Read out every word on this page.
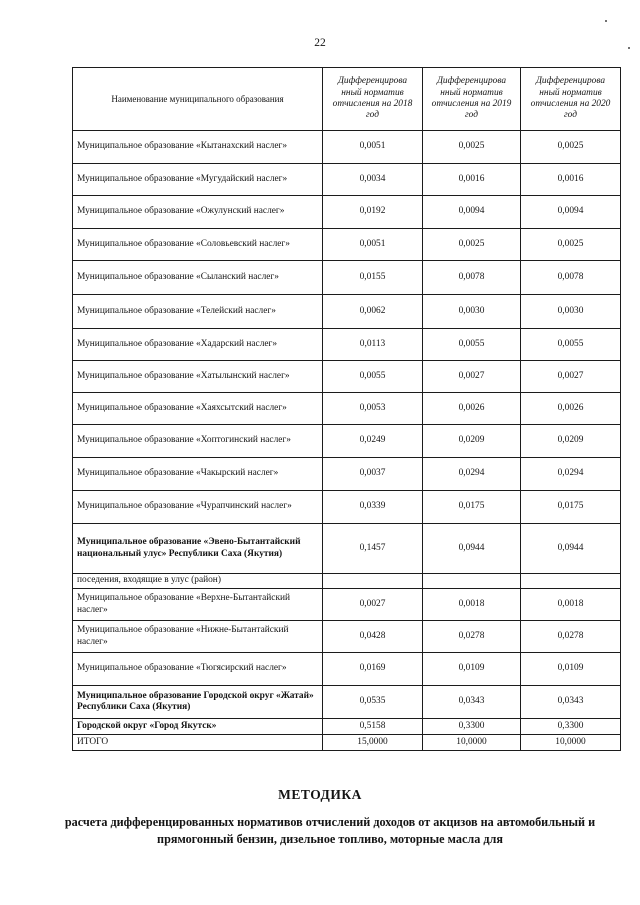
22
Наименование муниципального образования	Дифференцирова нный норматив отчисления на 2018 год	Дифференцирова нный норматив отчисления на 2019 год	Дифференцирова нный норматив отчисления на 2020 год
Муниципальное образование «Кытанахский наслег»	0,0051	0,0025	0,0025
Муниципальное образование «Мугудайский наслег»	0,0034	0,0016	0,0016
Муниципальное образование «Ожулунский наслег»	0,0192	0,0094	0,0094
Муниципальное образование «Соловьевский наслег»	0,0051	0,0025	0,0025
Муниципальное образование «Сыланский наслег»	0,0155	0,0078	0,0078
Муниципальное образование «Телейский наслег»	0,0062	0,0030	0,0030
Муниципальное образование «Хадарский наслег»	0,0113	0,0055	0,0055
Муниципальное образование «Хатылынский наслег»	0,0055	0,0027	0,0027
Муниципальное образование «Хаяхсытский наслег»	0,0053	0,0026	0,0026
Муниципальное образование «Хоптогинский наслег»	0,0249	0,0209	0,0209
Муниципальное образование «Чакырский наслег»	0,0037	0,0294	0,0294
Муниципальное образование «Чурапчинский наслег»	0,0339	0,0175	0,0175
Муниципальное образование «Эвено-Бытантайский национальный улус» Республики Саха (Якутия)	0,1457	0,0944	0,0944
поседения, входящие в улус (район)			
Муниципальное образование «Верхне-Бытантайский наслег»	0,0027	0,0018	0,0018
Муниципальное образование «Нижне-Бытантайский наслег»	0,0428	0,0278	0,0278
Муниципальное образование «Тюгясирский наслег»	0,0169	0,0109	0,0109
Муниципальное образование Городской округ «Жатай» Республики Саха (Якутия)	0,0535	0,0343	0,0343
Городской округ «Город Якутск»	0,5158	0,3300	0,3300
ИТОГО	15,0000	10,0000	10,0000
МЕТОДИКА
расчета дифференцированных нормативов отчислений доходов от акцизов на автомобильный и прямогонный бензин, дизельное топливо, моторные масла для
